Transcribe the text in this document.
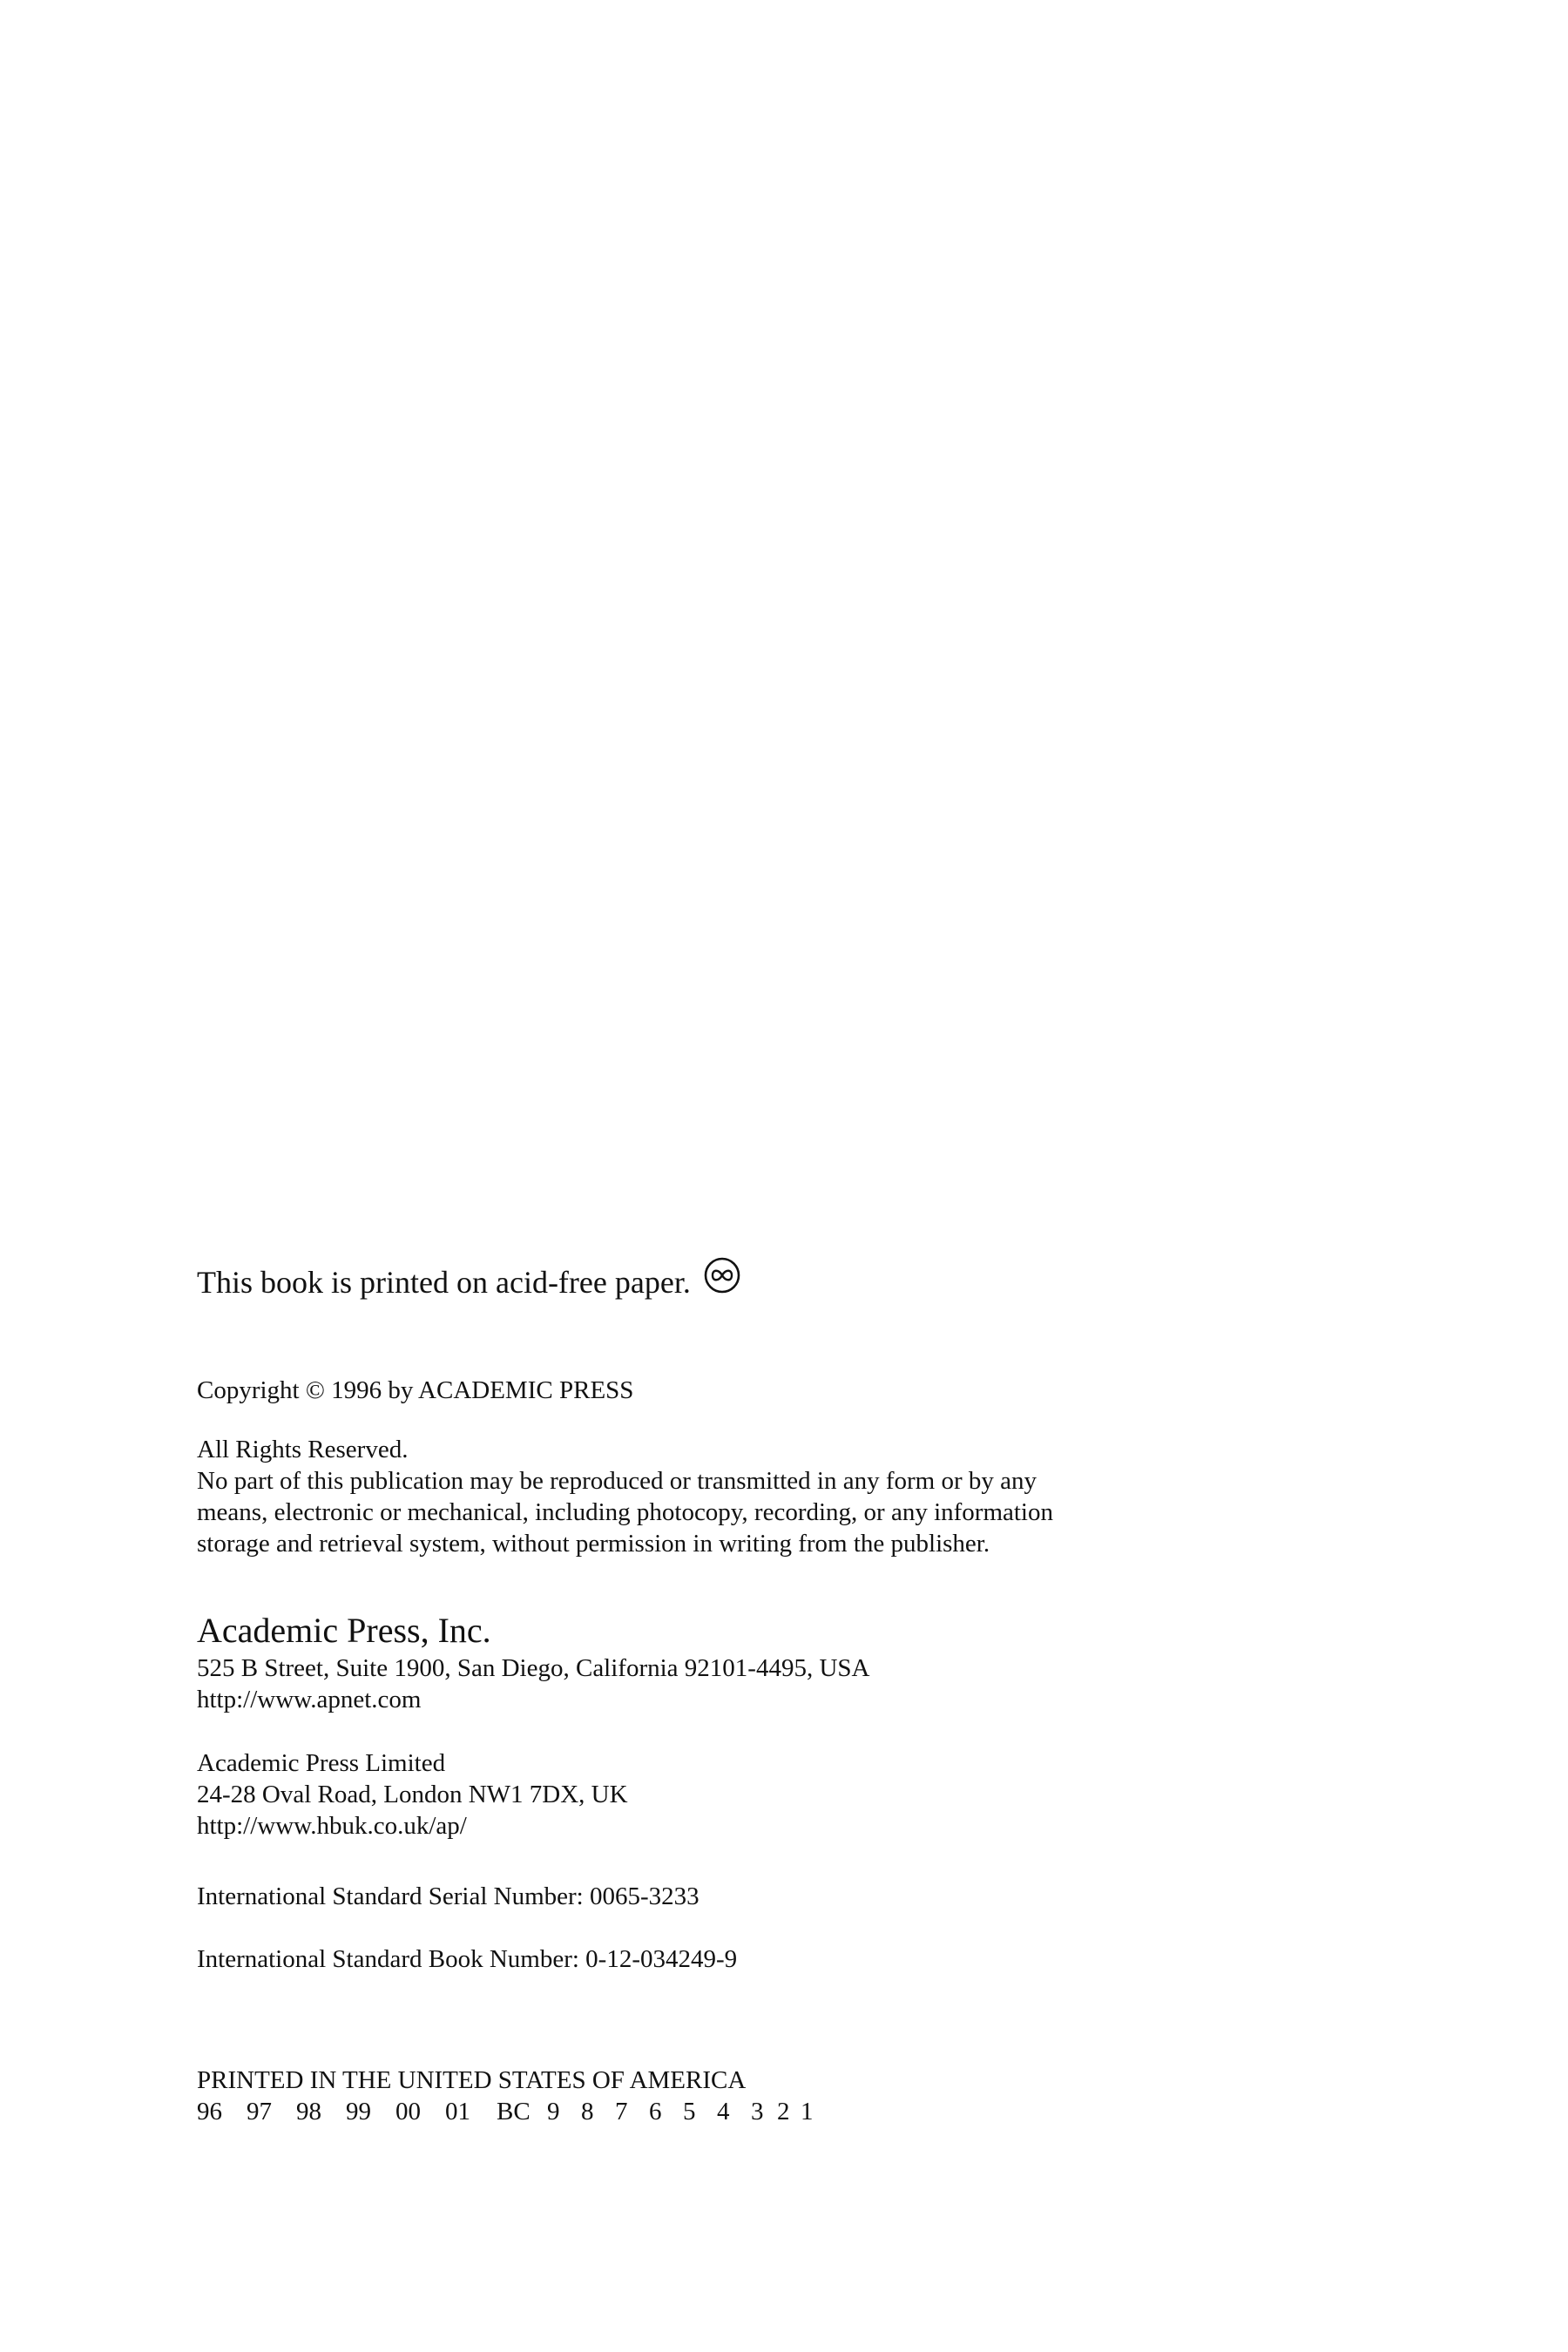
This book is printed on acid-free paper.
Copyright © 1996 by ACADEMIC PRESS
All Rights Reserved.
No part of this publication may be reproduced or transmitted in any form or by any
means, electronic or mechanical, including photocopy, recording, or any information
storage and retrieval system, without permission in writing from the publisher.
Academic Press, Inc.
525 B Street, Suite 1900, San Diego, California 92101-4495, USA
http://www.apnet.com
Academic Press Limited
24-28 Oval Road, London NW1 7DX, UK
http://www.hbuk.co.uk/ap/
International Standard Serial Number: 0065-3233
International Standard Book Number: 0-12-034249-9
PRINTED IN THE UNITED STATES OF AMERICA
96 97 98 99 00 01	BC 9 8 7 6 5 4 3 2 1
